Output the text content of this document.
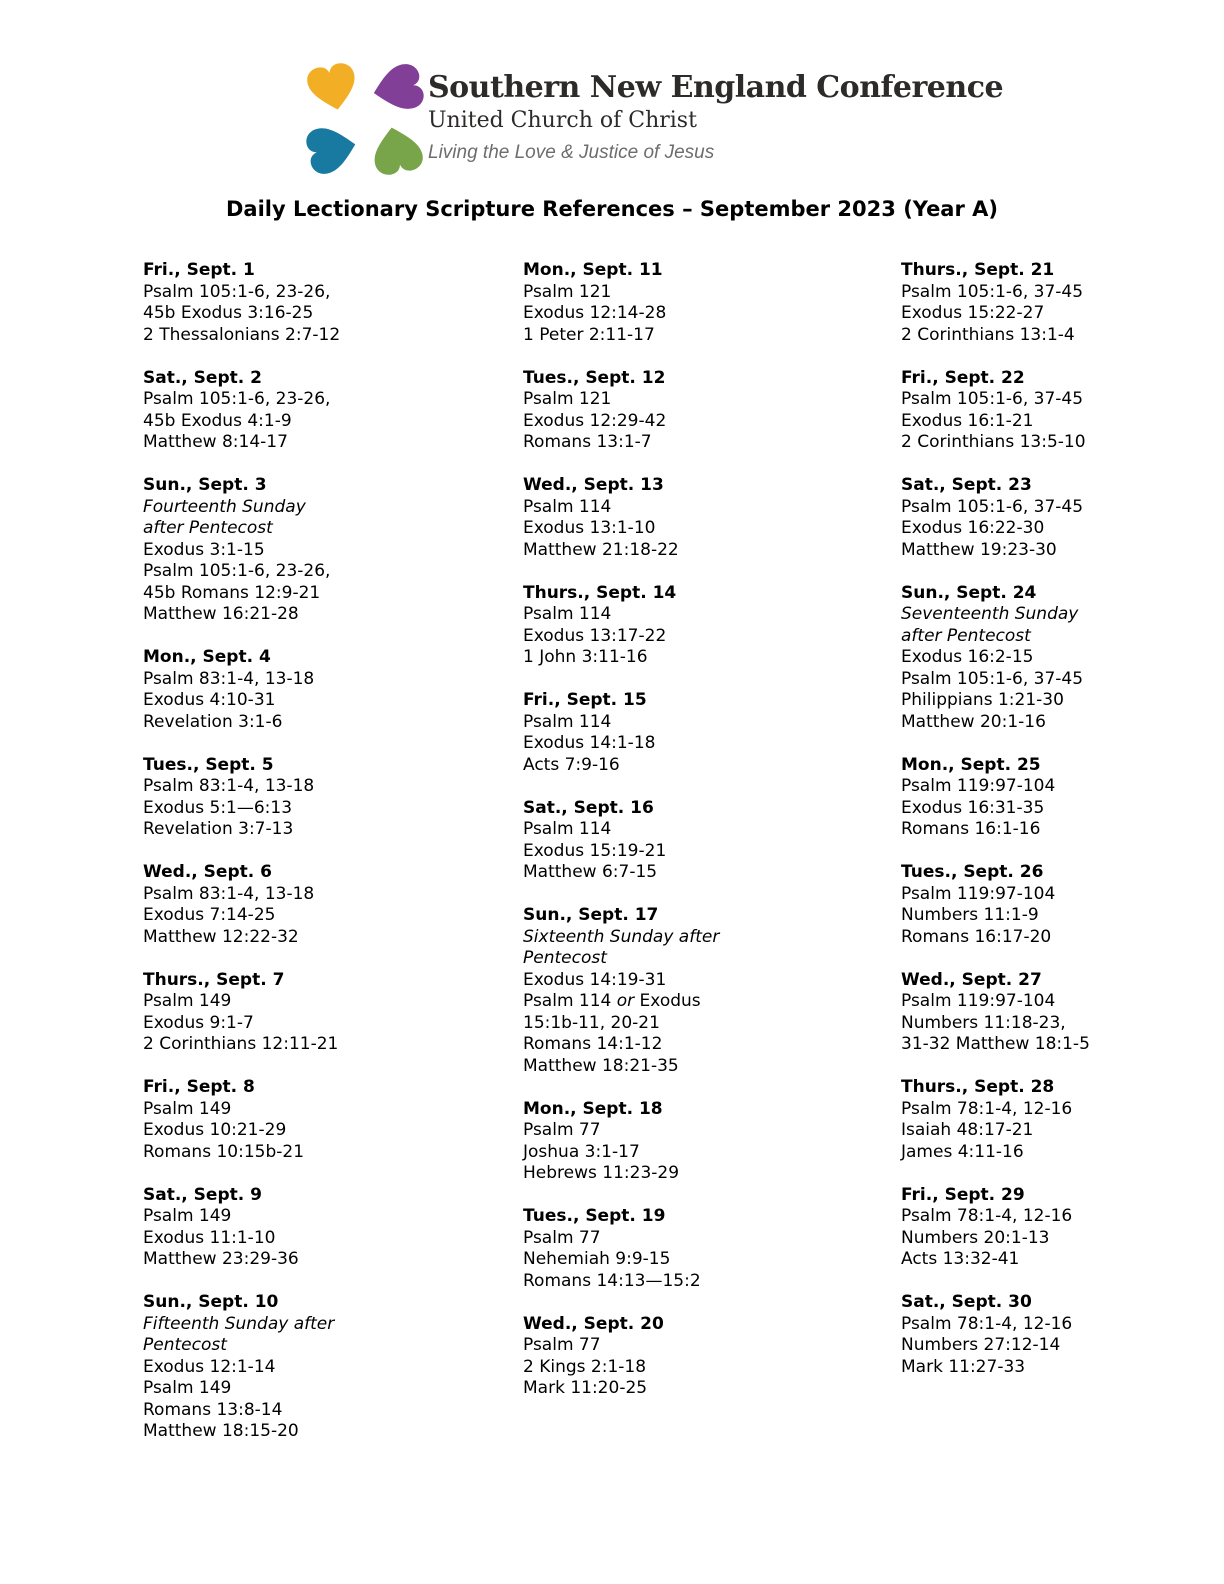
Southern New England Conference
United Church of Christ
Living the Love & Justice of Jesus
Daily Lectionary Scripture References – September 2023 (Year A)
Fri., Sept. 1
Psalm 105:1-6, 23-26,
45b Exodus 3:16-25
2 Thessalonians 2:7-12
Sat., Sept. 2
Psalm 105:1-6, 23-26,
45b Exodus 4:1-9
Matthew 8:14-17
Sun., Sept. 3
Fourteenth Sunday
after Pentecost
Exodus 3:1-15
Psalm 105:1-6, 23-26,
45b Romans 12:9-21
Matthew 16:21-28
Mon., Sept. 4
Psalm 83:1-4, 13-18
Exodus 4:10-31
Revelation 3:1-6
Tues., Sept. 5
Psalm 83:1-4, 13-18
Exodus 5:1—6:13
Revelation 3:7-13
Wed., Sept. 6
Psalm 83:1-4, 13-18
Exodus 7:14-25
Matthew 12:22-32
Thurs., Sept. 7
Psalm 149
Exodus 9:1-7
2 Corinthians 12:11-21
Fri., Sept. 8
Psalm 149
Exodus 10:21-29
Romans 10:15b-21
Sat., Sept. 9
Psalm 149
Exodus 11:1-10
Matthew 23:29-36
Sun., Sept. 10
Fifteenth Sunday after
Pentecost
Exodus 12:1-14
Psalm 149
Romans 13:8-14
Matthew 18:15-20
Mon., Sept. 11
Psalm 121
Exodus 12:14-28
1 Peter 2:11-17
Tues., Sept. 12
Psalm 121
Exodus 12:29-42
Romans 13:1-7
Wed., Sept. 13
Psalm 114
Exodus 13:1-10
Matthew 21:18-22
Thurs., Sept. 14
Psalm 114
Exodus 13:17-22
1 John 3:11-16
Fri., Sept. 15
Psalm 114
Exodus 14:1-18
Acts 7:9-16
Sat., Sept. 16
Psalm 114
Exodus 15:19-21
Matthew 6:7-15
Sun., Sept. 17
Sixteenth Sunday after
Pentecost
Exodus 14:19-31
Psalm 114 or Exodus
15:1b-11, 20-21
Romans 14:1-12
Matthew 18:21-35
Mon., Sept. 18
Psalm 77
Joshua 3:1-17
Hebrews 11:23-29
Tues., Sept. 19
Psalm 77
Nehemiah 9:9-15
Romans 14:13—15:2
Wed., Sept. 20
Psalm 77
2 Kings 2:1-18
Mark 11:20-25
Thurs., Sept. 21
Psalm 105:1-6, 37-45
Exodus 15:22-27
2 Corinthians 13:1-4
Fri., Sept. 22
Psalm 105:1-6, 37-45
Exodus 16:1-21
2 Corinthians 13:5-10
Sat., Sept. 23
Psalm 105:1-6, 37-45
Exodus 16:22-30
Matthew 19:23-30
Sun., Sept. 24
Seventeenth Sunday
after Pentecost
Exodus 16:2-15
Psalm 105:1-6, 37-45
Philippians 1:21-30
Matthew 20:1-16
Mon., Sept. 25
Psalm 119:97-104
Exodus 16:31-35
Romans 16:1-16
Tues., Sept. 26
Psalm 119:97-104
Numbers 11:1-9
Romans 16:17-20
Wed., Sept. 27
Psalm 119:97-104
Numbers 11:18-23,
31-32 Matthew 18:1-5
Thurs., Sept. 28
Psalm 78:1-4, 12-16
Isaiah 48:17-21
James 4:11-16
Fri., Sept. 29
Psalm 78:1-4, 12-16
Numbers 20:1-13
Acts 13:32-41
Sat., Sept. 30
Psalm 78:1-4, 12-16
Numbers 27:12-14
Mark 11:27-33
